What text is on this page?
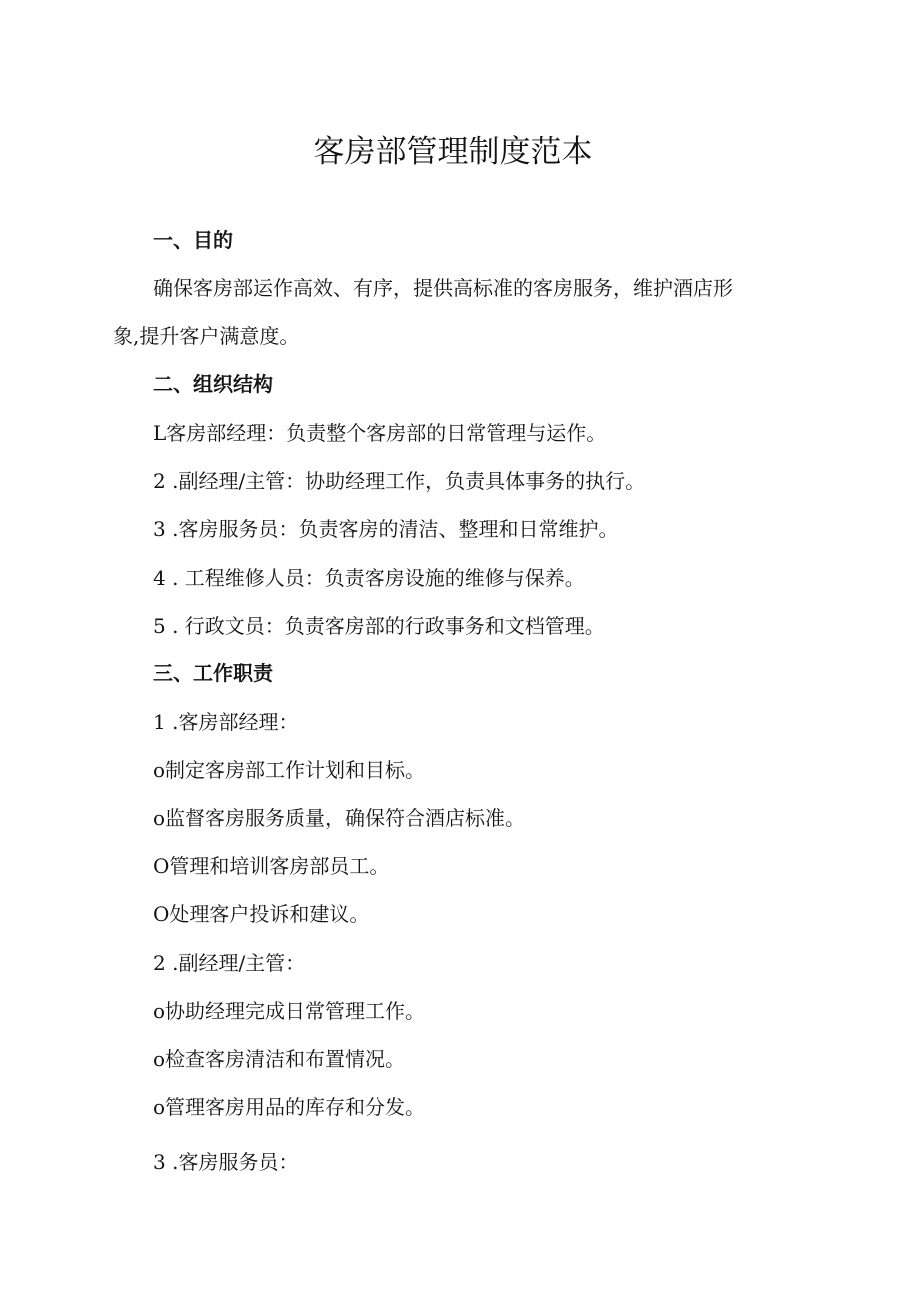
客房部管理制度范本
一、目的
确保客房部运作高效、有序，提供高标准的客房服务，维护酒店形
象,提升客户满意度。
二、组织结构
L客房部经理：负责整个客房部的日常管理与运作。
2 .副经理/主管：协助经理工作，负责具体事务的执行。
3 .客房服务员：负责客房的清洁、整理和日常维护。
4 . 工程维修人员：负责客房设施的维修与保养。
5 . 行政文员：负责客房部的行政事务和文档管理。
三、工作职责
1 .客房部经理：
o制定客房部工作计划和目标。
o监督客房服务质量，确保符合酒店标准。
O管理和培训客房部员工。
O处理客户投诉和建议。
2 .副经理/主管：
o协助经理完成日常管理工作。
o检查客房清洁和布置情况。
o管理客房用品的库存和分发。
3 .客房服务员：
